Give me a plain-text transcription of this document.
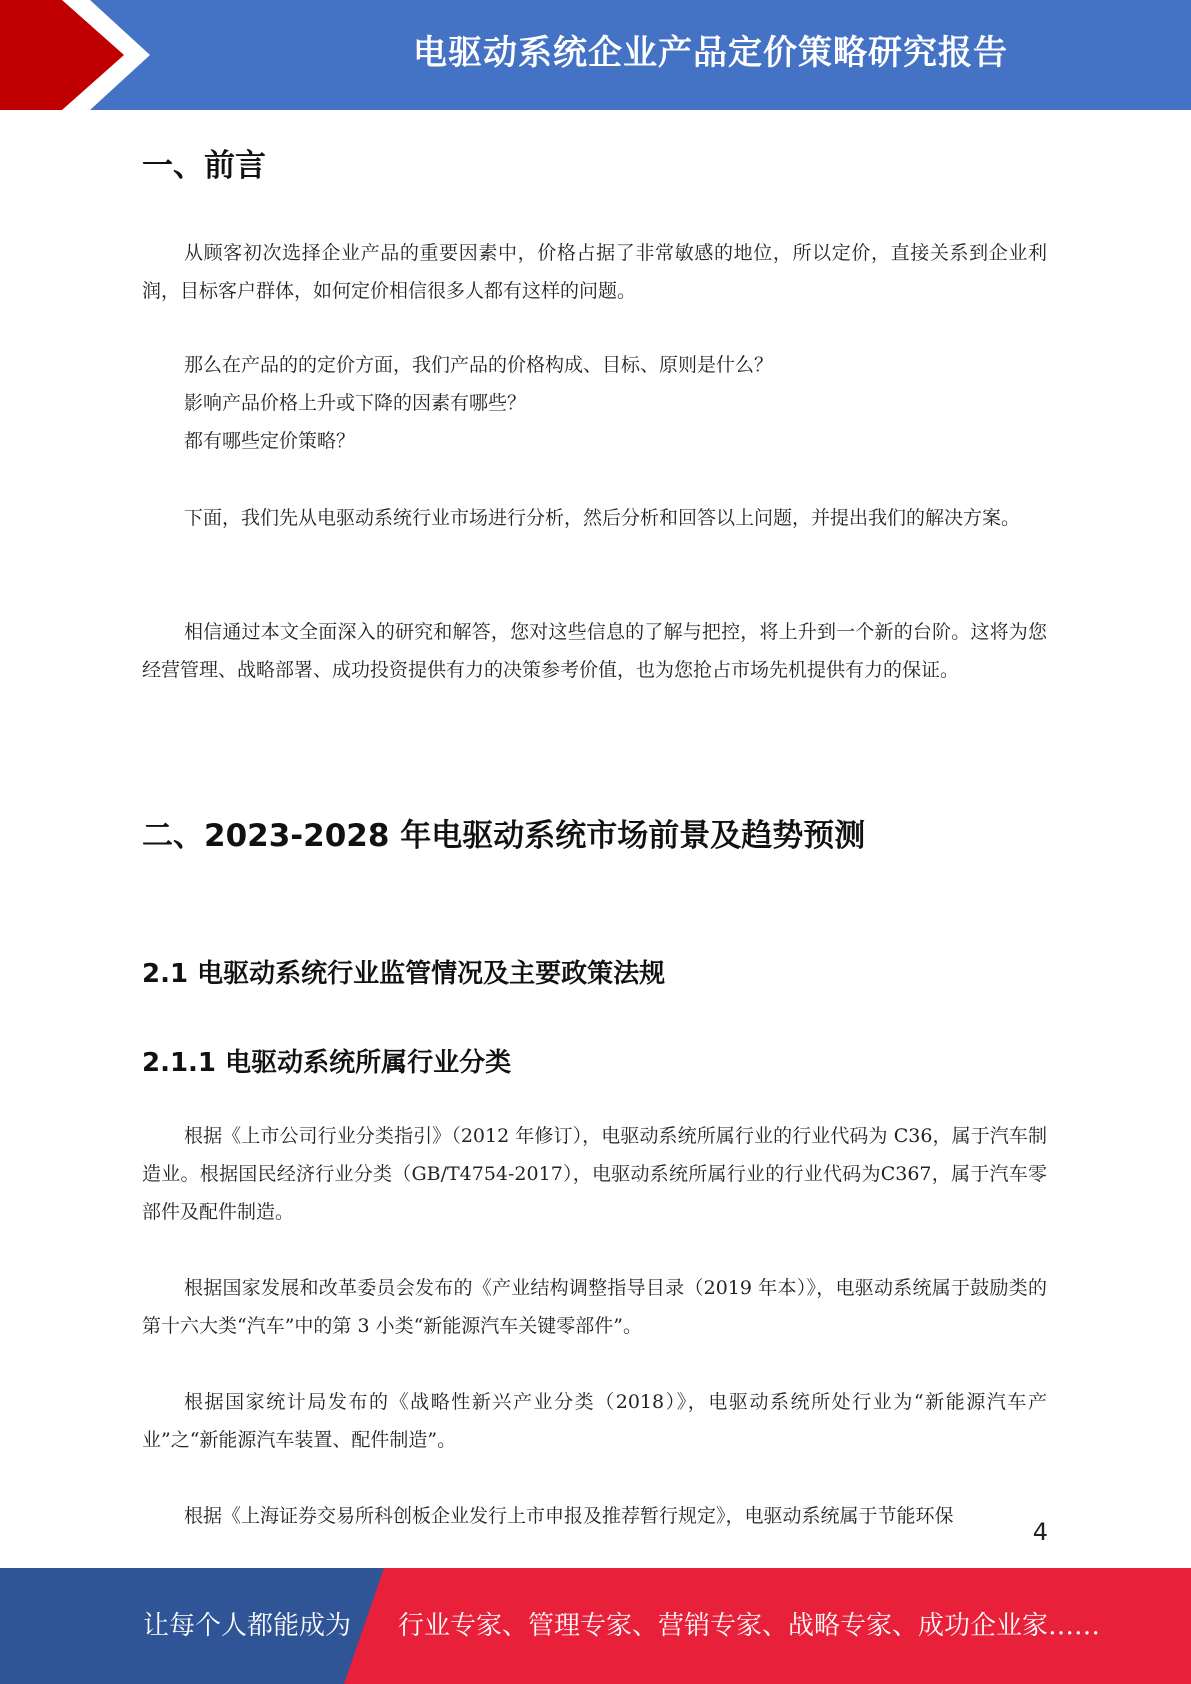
电驱动系统企业产品定价策略研究报告
一、前言

从顾客初次选择企业产品的重要因素中，价格占据了非常敏感的地位，所以定价，直接关系到企业利润，目标客户群体，如何定价相信很多人都有这样的问题。

那么在产品的的定价方面，我们产品的价格构成、目标、原则是什么？

影响产品价格上升或下降的因素有哪些？

都有哪些定价策略？

下面，我们先从电驱动系统行业市场进行分析，然后分析和回答以上问题，并提出我们的解决方案。

相信通过本文全面深入的研究和解答，您对这些信息的了解与把控，将上升到一个新的台阶。这将为您经营管理、战略部署、成功投资提供有力的决策参考价值，也为您抢占市场先机提供有力的保证。

二、2023-2028 年电驱动系统市场前景及趋势预测
2.1 电驱动系统行业监管情况及主要政策法规
2.1.1 电驱动系统所属行业分类

根据《上市公司行业分类指引》（2012 年修订），电驱动系统所属行业的行业代码为 C36，属于汽车制造业。根据国民经济行业分类（GB/T4754-2017），电驱动系统所属行业的行业代码为C367，属于汽车零部件及配件制造。

根据国家发展和改革委员会发布的《产业结构调整指导目录（2019 年本）》，电驱动系统属于鼓励类的第十六大类“汽车”中的第 3 小类“新能源汽车关键零部件”。

根据国家统计局发布的《战略性新兴产业分类（2018）》，电驱动系统所处行业为“新能源汽车产业”之“新能源汽车装置、配件制造”。

根据《上海证券交易所科创板企业发行上市申报及推荐暂行规定》，电驱动系统属于节能环保

4

让每个人都能成为 行业专家、管理专家、营销专家、战略专家、成功企业家……
